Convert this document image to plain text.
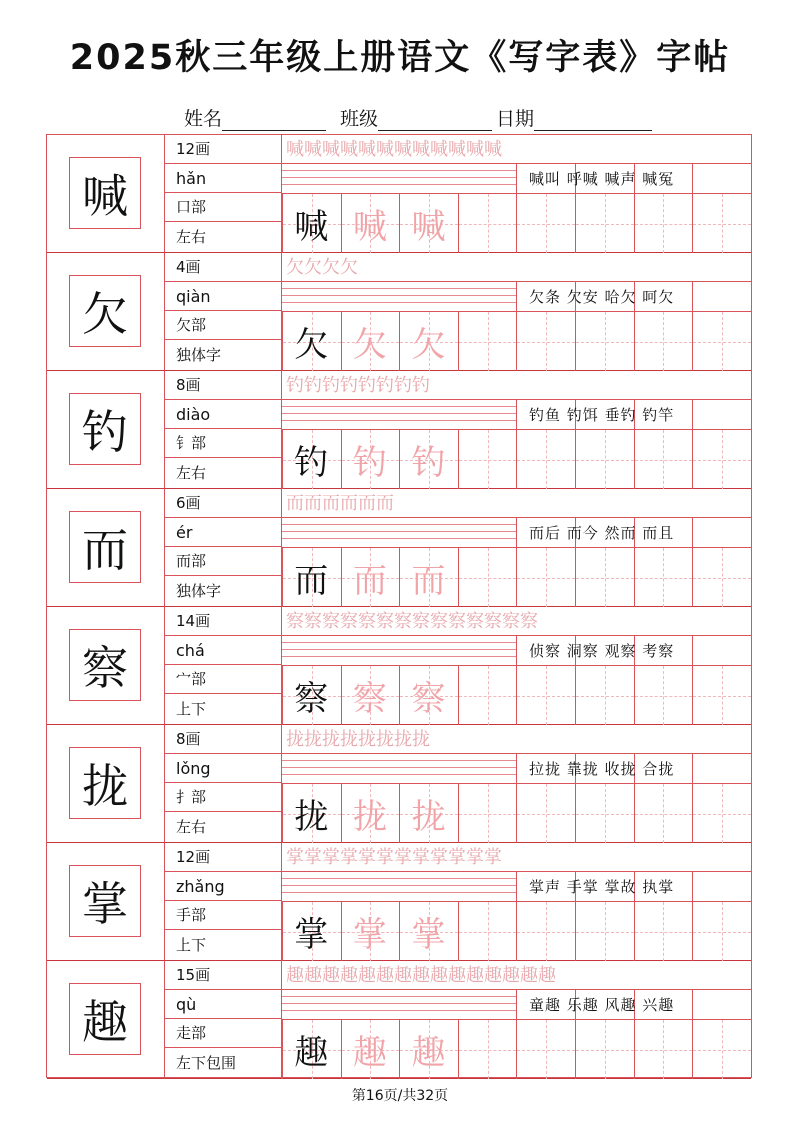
2025秋三年级上册语文《写字表》字帖
姓名	班级	日期
喊
12画
hǎn
口部
左右
喊喊喊喊喊喊喊喊喊喊喊喊
喊 喊 喊
喊叫 呼喊 喊声 喊冤
欠
4画
qiàn
欠部
独体字
欠欠欠欠
欠 欠 欠
欠条 欠安 哈欠 呵欠
钓
8画
diào
钅部
左右
钓钓钓钓钓钓钓钓
钓 钓 钓
钓鱼 钓饵 垂钓 钓竿
而
6画
ér
而部
独体字
而而而而而而
而 而 而
而后 而今 然而 而且
察
14画
chá
宀部
上下
察察察察察察察察察察察察察察
察 察 察
侦察 洞察 观察 考察
拢
8画
lǒng
扌部
左右
拢拢拢拢拢拢拢拢
拢 拢 拢
拉拢 靠拢 收拢 合拢
掌
12画
zhǎng
手部
上下
掌掌掌掌掌掌掌掌掌掌掌掌
掌 掌 掌
掌声 手掌 掌故 执掌
趣
15画
qù
走部
左下包围
趣趣趣趣趣趣趣趣趣趣趣趣趣趣趣
趣 趣 趣
童趣 乐趣 风趣 兴趣
第16页/共32页
